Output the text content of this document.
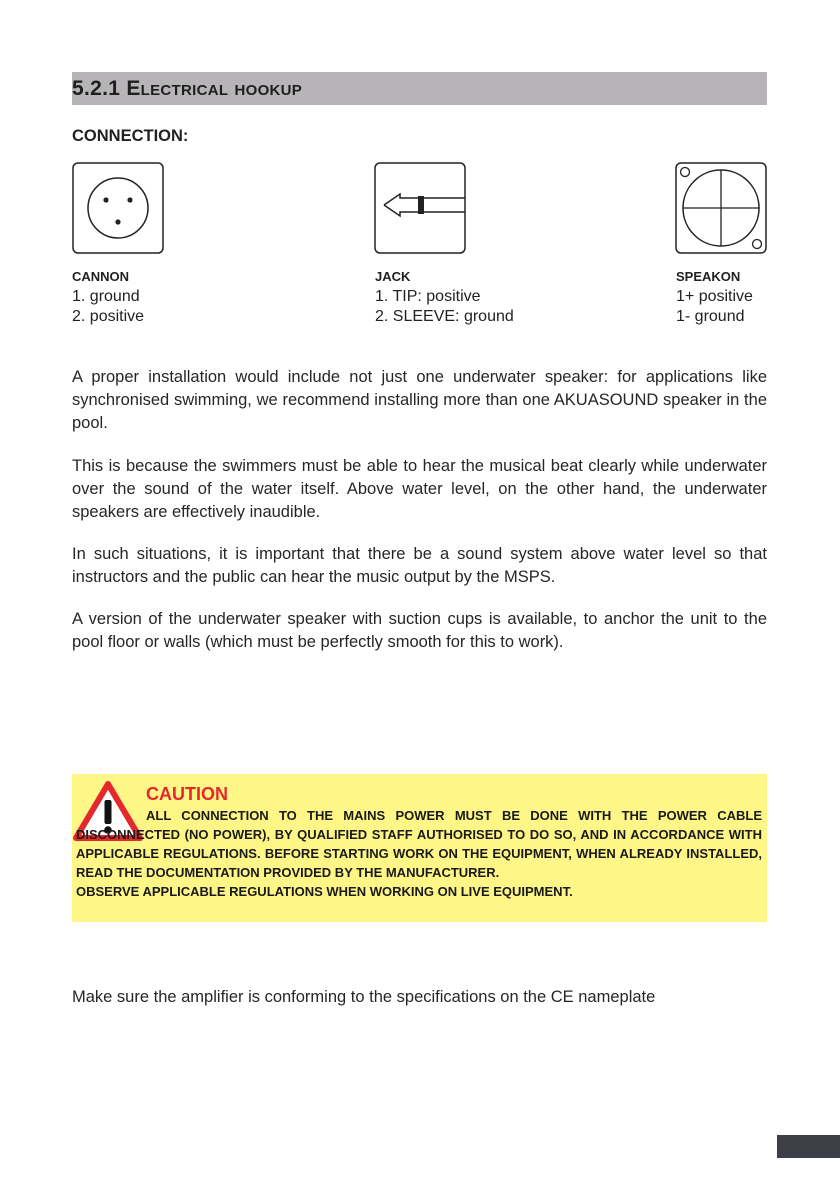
5.2.1 Electrical hookup
CONNECTION:
CANNON
1. ground
2. positive
JACK
1. TIP: positive
2. SLEEVE: ground
SPEAKON
1+ positive
1- ground

A proper installation would include not just one underwater speaker: for applications like synchronised swimming, we recommend installing more than one AKUASOUND speaker in the pool.

This is because the swimmers must be able to hear the musical beat clearly while underwater over the sound of the water itself. Above water level, on the other hand, the underwater speakers are effectively inaudible.

In such situations, it is important that there be a sound system above water level so that instructors and the public can hear the music output by the MSPS.

A version of the underwater speaker with suction cups is available, to anchor the unit to the pool floor or walls (which must be perfectly smooth for this to work).

CAUTION
ALL CONNECTION TO THE MAINS POWER MUST BE DONE WITH THE POWER CABLE DISCONNECTED (NO POWER), BY QUALIFIED STAFF AUTHORISED TO DO SO, AND IN ACCORDANCE WITH APPLICABLE REGULATIONS. BEFORE STARTING WORK ON THE EQUIPMENT, WHEN ALREADY INSTALLED, READ THE DOCUMENTATION PROVIDED BY THE MANUFACTURER.
OBSERVE APPLICABLE REGULATIONS WHEN WORKING ON LIVE EQUIPMENT.

Make sure the amplifier is conforming to the specifications on the CE nameplate
